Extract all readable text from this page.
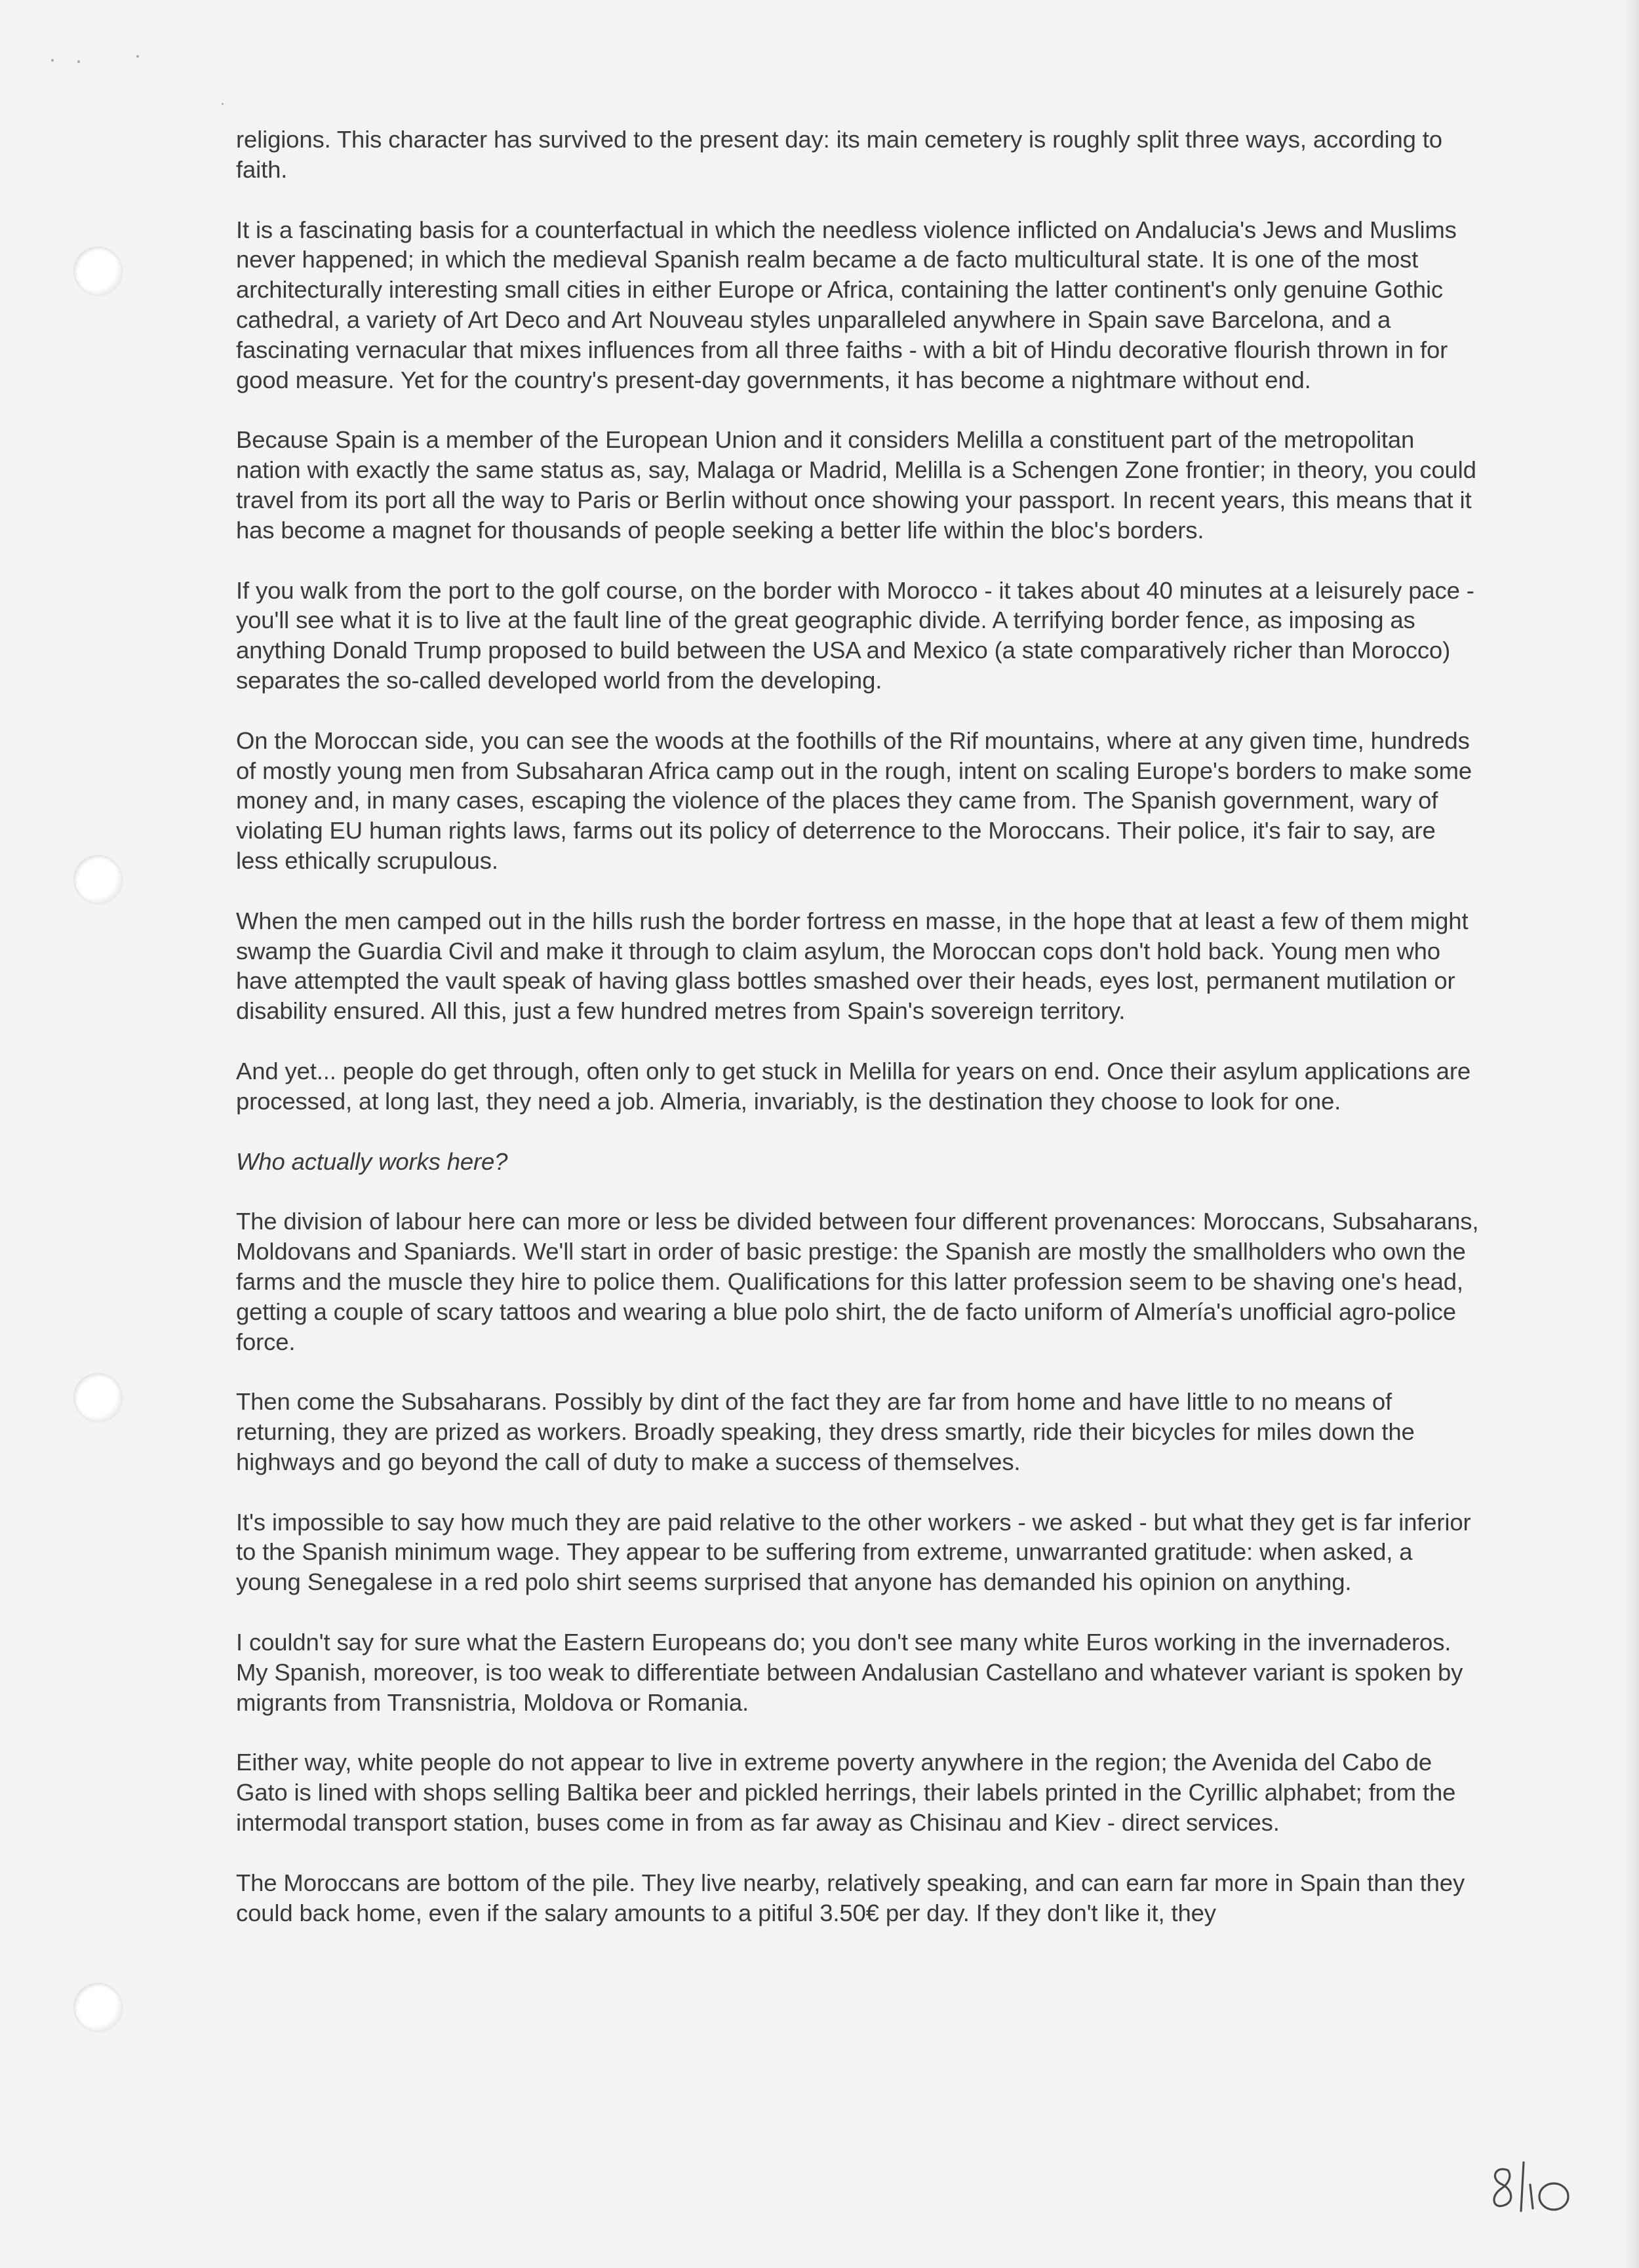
religions. This character has survived to the present day: its main cemetery is roughly split three ways, according to faith.

It is a fascinating basis for a counterfactual in which the needless violence inflicted on Andalucia's Jews and Muslims never happened; in which the medieval Spanish realm became a de facto multicultural state. It is one of the most architecturally interesting small cities in either Europe or Africa, containing the latter continent's only genuine Gothic cathedral, a variety of Art Deco and Art Nouveau styles unparalleled anywhere in Spain save Barcelona, and a fascinating vernacular that mixes influences from all three faiths - with a bit of Hindu decorative flourish thrown in for good measure. Yet for the country's present-day governments, it has become a nightmare without end.

Because Spain is a member of the European Union and it considers Melilla a constituent part of the metropolitan nation with exactly the same status as, say, Malaga or Madrid, Melilla is a Schengen Zone frontier; in theory, you could travel from its port all the way to Paris or Berlin without once showing your passport. In recent years, this means that it has become a magnet for thousands of people seeking a better life within the bloc's borders.

If you walk from the port to the golf course, on the border with Morocco - it takes about 40 minutes at a leisurely pace - you'll see what it is to live at the fault line of the great geographic divide. A terrifying border fence, as imposing as anything Donald Trump proposed to build between the USA and Mexico (a state comparatively richer than Morocco) separates the so-called developed world from the developing.

On the Moroccan side, you can see the woods at the foothills of the Rif mountains, where at any given time, hundreds of mostly young men from Subsaharan Africa camp out in the rough, intent on scaling Europe's borders to make some money and, in many cases, escaping the violence of the places they came from. The Spanish government, wary of violating EU human rights laws, farms out its policy of deterrence to the Moroccans. Their police, it's fair to say, are less ethically scrupulous.

When the men camped out in the hills rush the border fortress en masse, in the hope that at least a few of them might swamp the Guardia Civil and make it through to claim asylum, the Moroccan cops don't hold back. Young men who have attempted the vault speak of having glass bottles smashed over their heads, eyes lost, permanent mutilation or disability ensured. All this, just a few hundred metres from Spain's sovereign territory.

And yet... people do get through, often only to get stuck in Melilla for years on end. Once their asylum applications are processed, at long last, they need a job. Almeria, invariably, is the destination they choose to look for one.

Who actually works here?

The division of labour here can more or less be divided between four different provenances: Moroccans, Subsaharans, Moldovans and Spaniards. We'll start in order of basic prestige: the Spanish are mostly the smallholders who own the farms and the muscle they hire to police them. Qualifications for this latter profession seem to be shaving one's head, getting a couple of scary tattoos and wearing a blue polo shirt, the de facto uniform of Almería's unofficial agro-police force.

Then come the Subsaharans. Possibly by dint of the fact they are far from home and have little to no means of returning, they are prized as workers. Broadly speaking, they dress smartly, ride their bicycles for miles down the highways and go beyond the call of duty to make a success of themselves.

It's impossible to say how much they are paid relative to the other workers - we asked - but what they get is far inferior to the Spanish minimum wage. They appear to be suffering from extreme, unwarranted gratitude: when asked, a young Senegalese in a red polo shirt seems surprised that anyone has demanded his opinion on anything.

I couldn't say for sure what the Eastern Europeans do; you don't see many white Euros working in the invernaderos. My Spanish, moreover, is too weak to differentiate between Andalusian Castellano and whatever variant is spoken by migrants from Transnistria, Moldova or Romania.

Either way, white people do not appear to live in extreme poverty anywhere in the region; the Avenida del Cabo de Gato is lined with shops selling Baltika beer and pickled herrings, their labels printed in the Cyrillic alphabet; from the intermodal transport station, buses come in from as far away as Chisinau and Kiev - direct services.

The Moroccans are bottom of the pile. They live nearby, relatively speaking, and can earn far more in Spain than they could back home, even if the salary amounts to a pitiful 3.50€ per day. If they don't like it, they
